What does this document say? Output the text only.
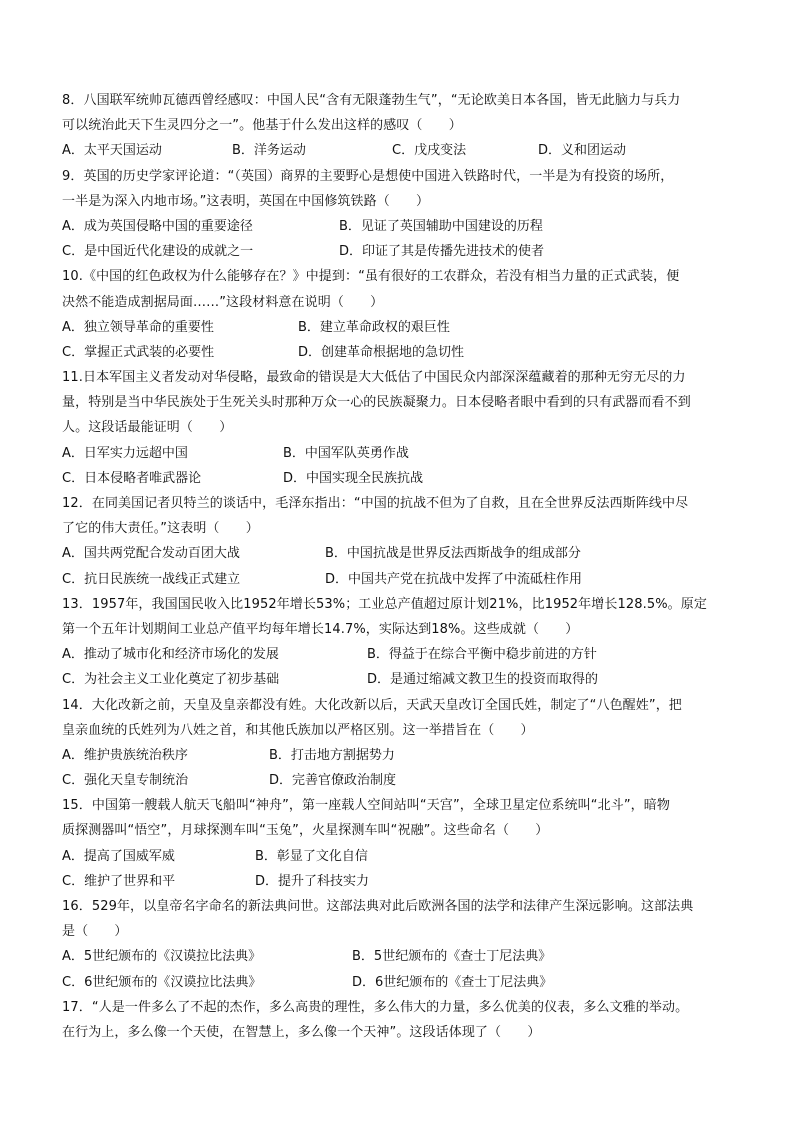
8．八国联军统帅瓦德西曾经感叹：中国人民“含有无限蓬勃生气”，“无论欧美日本各国，皆无此脑力与兵力
可以统治此天下生灵四分之一”。他基于什么发出这样的感叹（　　）
A．太平天国运动	B．洋务运动	C．戊戌变法	D．义和团运动
9．英国的历史学家评论道：“（英国）商界的主要野心是想使中国进入铁路时代，一半是为有投资的场所，
一半是为深入内地市场。”这表明，英国在中国修筑铁路（　　）
A．成为英国侵略中国的重要途径	B．见证了英国辅助中国建设的历程
C．是中国近代化建设的成就之一	D．印证了其是传播先进技术的使者
10.《中国的红色政权为什么能够存在？》中提到：“虽有很好的工农群众，若没有相当力量的正式武装，便
决然不能造成割据局面……”这段材料意在说明（　　）
A．独立领导革命的重要性	B．建立革命政权的艰巨性
C．掌握正式武装的必要性	D．创建革命根据地的急切性
11.日本军国主义者发动对华侵略，最致命的错误是大大低估了中国民众内部深深蕴藏着的那种无穷无尽的力
量，特别是当中华民族处于生死关头时那种万众一心的民族凝聚力。日本侵略者眼中看到的只有武器而看不到
人。这段话最能证明（　　）
A．日军实力远超中国	B．中国军队英勇作战
C．日本侵略者唯武器论	D．中国实现全民族抗战
12．在同美国记者贝特兰的谈话中，毛泽东指出：“中国的抗战不但为了自救，且在全世界反法西斯阵线中尽
了它的伟大责任。”这表明（　　）
A．国共两党配合发动百团大战	B．中国抗战是世界反法西斯战争的组成部分
C．抗日民族统一战线正式建立	D．中国共产党在抗战中发挥了中流砥柱作用
13．1957年，我国国民收入比1952年增长53%；工业总产值超过原计划21%，比1952年增长128.5%。原定
第一个五年计划期间工业总产值平均每年增长14.7%，实际达到18%。这些成就（　　）
A．推动了城市化和经济市场化的发展	B．得益于在综合平衡中稳步前进的方针
C．为社会主义工业化奠定了初步基础	D．是通过缩减文教卫生的投资而取得的
14．大化改新之前，天皇及皇亲都没有姓。大化改新以后，天武天皇改订全国氏姓，制定了“八色醒姓”，把
皇亲血统的氏姓列为八姓之首，和其他氏族加以严格区别。这一举措旨在（　　）
A．维护贵族统治秩序	B．打击地方割据势力
C．强化天皇专制统治	D．完善官僚政治制度
15．中国第一艘载人航天飞船叫“神舟”，第一座载人空间站叫“天宫”，全球卫星定位系统叫“北斗”，暗物
质探测器叫“悟空”，月球探测车叫“玉兔”，火星探测车叫“祝融”。这些命名（　　）
A．提高了国威军威	B．彰显了文化自信
C．维护了世界和平	D．提升了科技实力
16．529年，以皇帝名字命名的新法典问世。这部法典对此后欧洲各国的法学和法律产生深远影响。这部法典
是（　　）
A．5世纪颁布的《汉谟拉比法典》	B．5世纪颁布的《查士丁尼法典》
C．6世纪颁布的《汉谟拉比法典》	D．6世纪颁布的《查士丁尼法典》
17．“人是一件多么了不起的杰作，多么高贵的理性，多么伟大的力量，多么优美的仪表，多么文雅的举动。
在行为上，多么像一个天使，在智慧上，多么像一个天神”。这段话体现了（　　）
